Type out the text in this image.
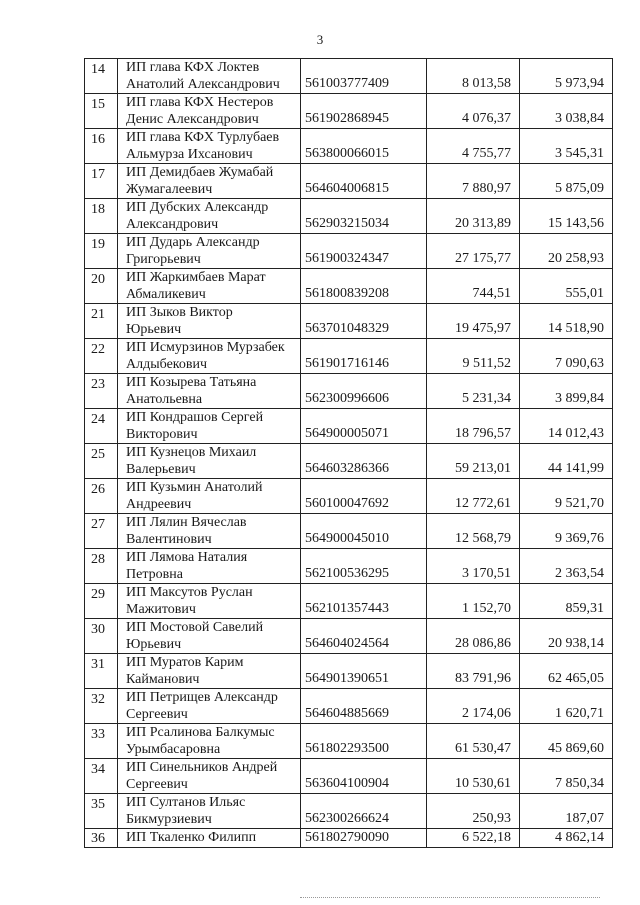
3
14	ИП глава КФХ Локтев
Анатолий Александрович	561003777409	8 013,58	5 973,94
15	ИП глава КФХ Нестеров
Денис Александрович	561902868945	4 076,37	3 038,84
16	ИП глава КФХ Турлубаев
Альмурза Ихсанович	563800066015	4 755,77	3 545,31
17	ИП Демидбаев Жумабай
Жумагалеевич	564604006815	7 880,97	5 875,09
18	ИП Дубских Александр
Александрович	562903215034	20 313,89	15 143,56
19	ИП Дударь Александр
Григорьевич	561900324347	27 175,77	20 258,93
20	ИП Жаркимбаев Марат
Абмаликевич	561800839208	744,51	555,01
21	ИП Зыков Виктор
Юрьевич	563701048329	19 475,97	14 518,90
22	ИП Исмурзинов Мурзабек
Алдыбекович	561901716146	9 511,52	7 090,63
23	ИП Козырева Татьяна
Анатольевна	562300996606	5 231,34	3 899,84
24	ИП Кондрашов Сергей
Викторович	564900005071	18 796,57	14 012,43
25	ИП Кузнецов Михаил
Валерьевич	564603286366	59 213,01	44 141,99
26	ИП Кузьмин Анатолий
Андреевич	560100047692	12 772,61	9 521,70
27	ИП Лялин Вячеслав
Валентинович	564900045010	12 568,79	9 369,76
28	ИП Лямова Наталия
Петровна	562100536295	3 170,51	2 363,54
29	ИП Максутов Руслан
Мажитович	562101357443	1 152,70	859,31
30	ИП Мостовой Савелий
Юрьевич	564604024564	28 086,86	20 938,14
31	ИП Муратов Карим
Кайманович	564901390651	83 791,96	62 465,05
32	ИП Петрищев Александр
Сергеевич	564604885669	2 174,06	1 620,71
33	ИП Рсалинова Балкумыс
Урымбасаровна	561802293500	61 530,47	45 869,60
34	ИП Синельников Андрей
Сергеевич	563604100904	10 530,61	7 850,34
35	ИП Султанов Ильяс
Бикмурзиевич	562300266624	250,93	187,07
36	ИП Ткаленко Филипп	561802790090	6 522,18	4 862,14
